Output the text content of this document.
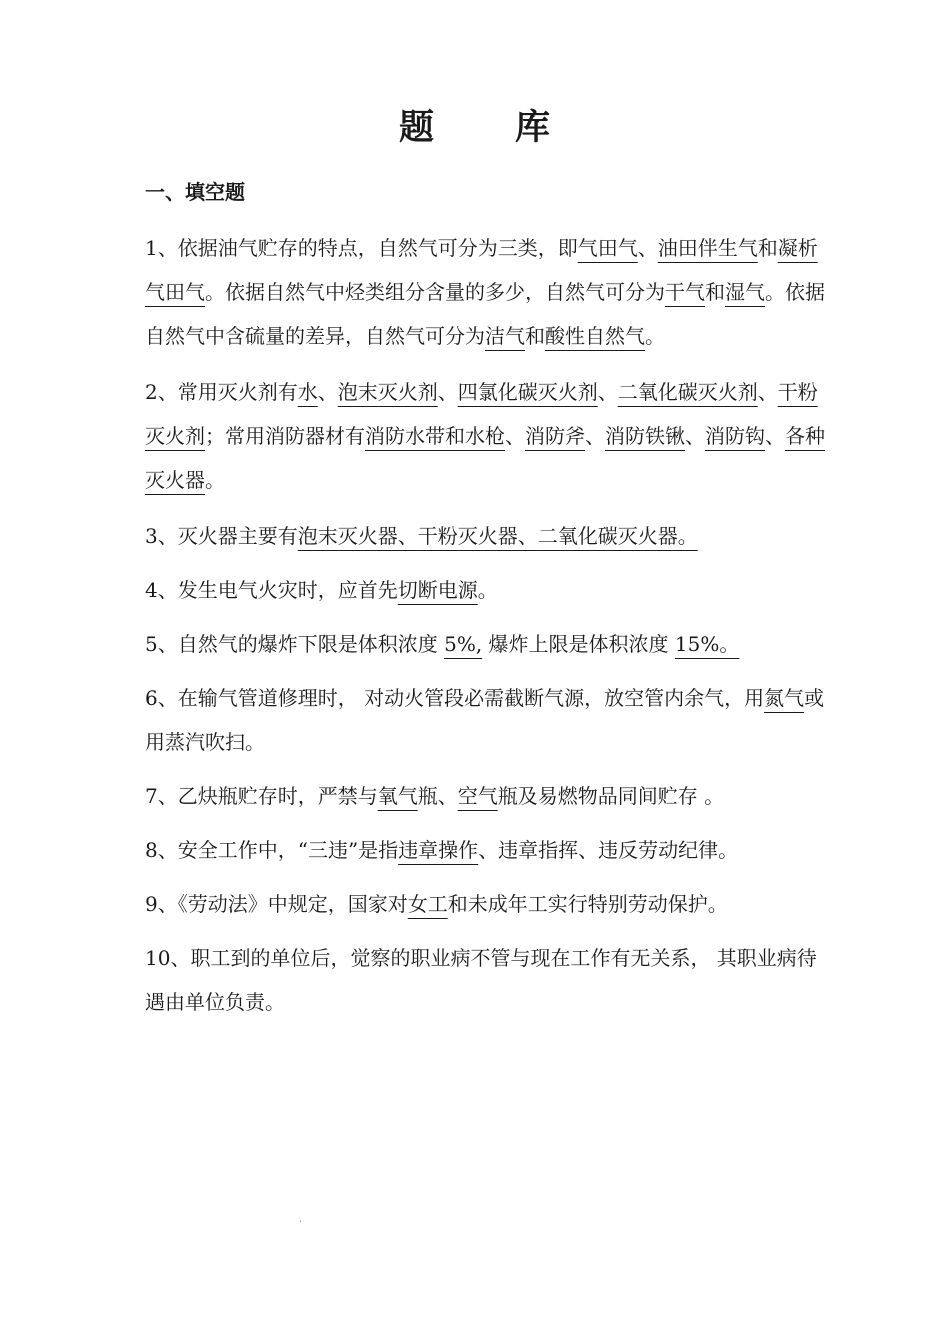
题 库
一、填空题

1、依据油气贮存的特点，自然气可分为三类，即气田气、油田伴生气和凝析气田气。依据自然气中烃类组分含量的多少，自然气可分为干气和湿气。依据自然气中含硫量的差异，自然气可分为洁气和酸性自然气。

2、常用灭火剂有水、泡末灭火剂、四氯化碳灭火剂、二氧化碳灭火剂、干粉灭火剂；常用消防器材有消防水带和水枪、消防斧、消防铁锹、消防钩、各种灭火器。

3、灭火器主要有泡末灭火器、干粉灭火器、二氧化碳灭火器。

4、发生电气火灾时，应首先切断电源。

5、自然气的爆炸下限是体积浓度 5%, 爆炸上限是体积浓度 15%。

6、在输气管道修理时， 对动火管段必需截断气源，放空管内余气，用氮气或用蒸汽吹扫。

7、乙炔瓶贮存时，严禁与氧气瓶、空气瓶及易燃物品同间贮存 。

8、安全工作中，“三违”是指违章操作、违章指挥、违反劳动纪律。

9、《劳动法》中规定，国家对女工和未成年工实行特别劳动保护。

10、职工到的单位后，觉察的职业病不管与现在工作有无关系， 其职业病待遇由单位负责。

.
